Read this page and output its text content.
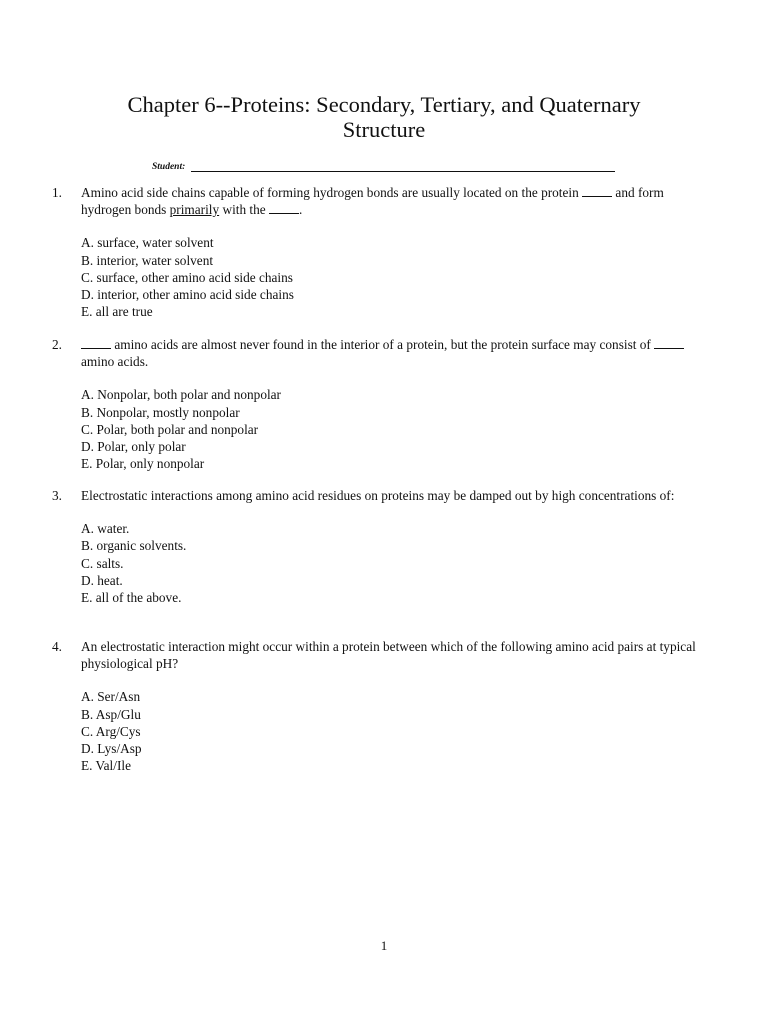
Chapter 6--Proteins: Secondary, Tertiary, and Quaternary
Structure
Student:
1.	Amino acid side chains capable of forming hydrogen bonds are usually located on the protein	and form hydrogen bonds primarily with the	.
A. surface, water solvent
B. interior, water solvent
C. surface, other amino acid side chains
D. interior, other amino acid side chains
E. all are true
2.	amino acids are almost never found in the interior of a protein, but the protein surface may consist of  amino acids.
A. Nonpolar, both polar and nonpolar
B. Nonpolar, mostly nonpolar
C. Polar, both polar and nonpolar
D. Polar, only polar
E. Polar, only nonpolar
3.	Electrostatic interactions among amino acid residues on proteins may be damped out by high concentrations of:
A. water.
B. organic solvents.
C. salts.
D. heat.
E. all of the above.
4.	An electrostatic interaction might occur within a protein between which of the following amino acid pairs at typical physiological pH?
A. Ser/Asn
B. Asp/Glu
C. Arg/Cys
D. Lys/Asp
E. Val/Ile
1
